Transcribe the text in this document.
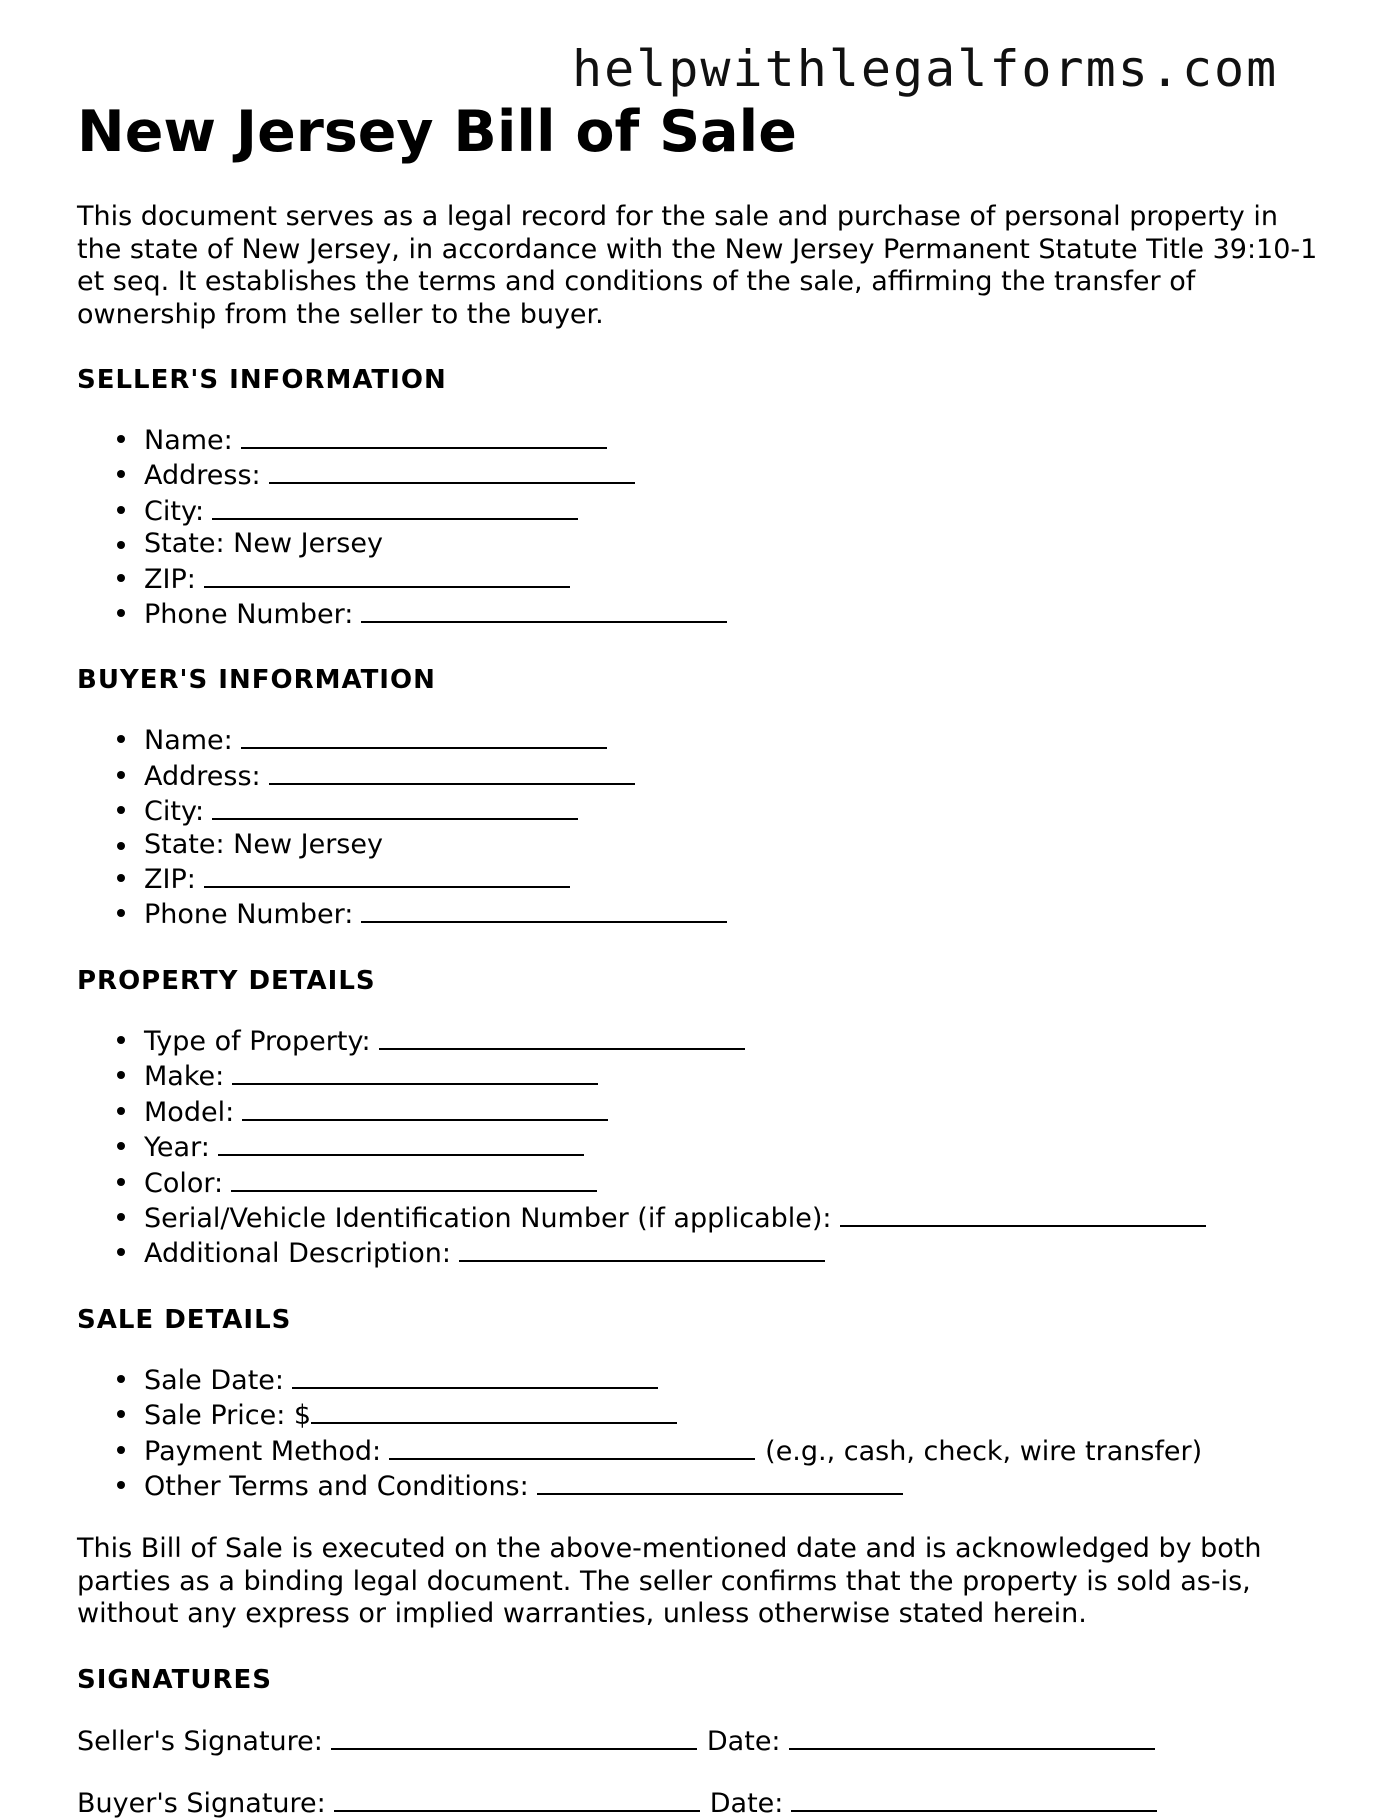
helpwithlegalforms.com
New Jersey Bill of Sale

This document serves as a legal record for the sale and purchase of personal property in the state of New Jersey, in accordance with the New Jersey Permanent Statute Title 39:10-1 et seq. It establishes the terms and conditions of the sale, affirming the transfer of ownership from the seller to the buyer.

SELLER'S INFORMATION
Name:
Address:
City:
State: New Jersey
ZIP:
Phone Number:
BUYER'S INFORMATION
Name:
Address:
City:
State: New Jersey
ZIP:
Phone Number:
PROPERTY DETAILS
Type of Property:
Make:
Model:
Year:
Color:
Serial/Vehicle Identification Number (if applicable):
Additional Description:
SALE DETAILS
Sale Date:
Sale Price: $
Payment Method:	(e.g., cash, check, wire transfer)
Other Terms and Conditions:

This Bill of Sale is executed on the above-mentioned date and is acknowledged by both parties as a binding legal document. The seller confirms that the property is sold as-is, without any express or implied warranties, unless otherwise stated herein.

SIGNATURES

Seller's Signature:	Date:

Buyer's Signature:	Date:
